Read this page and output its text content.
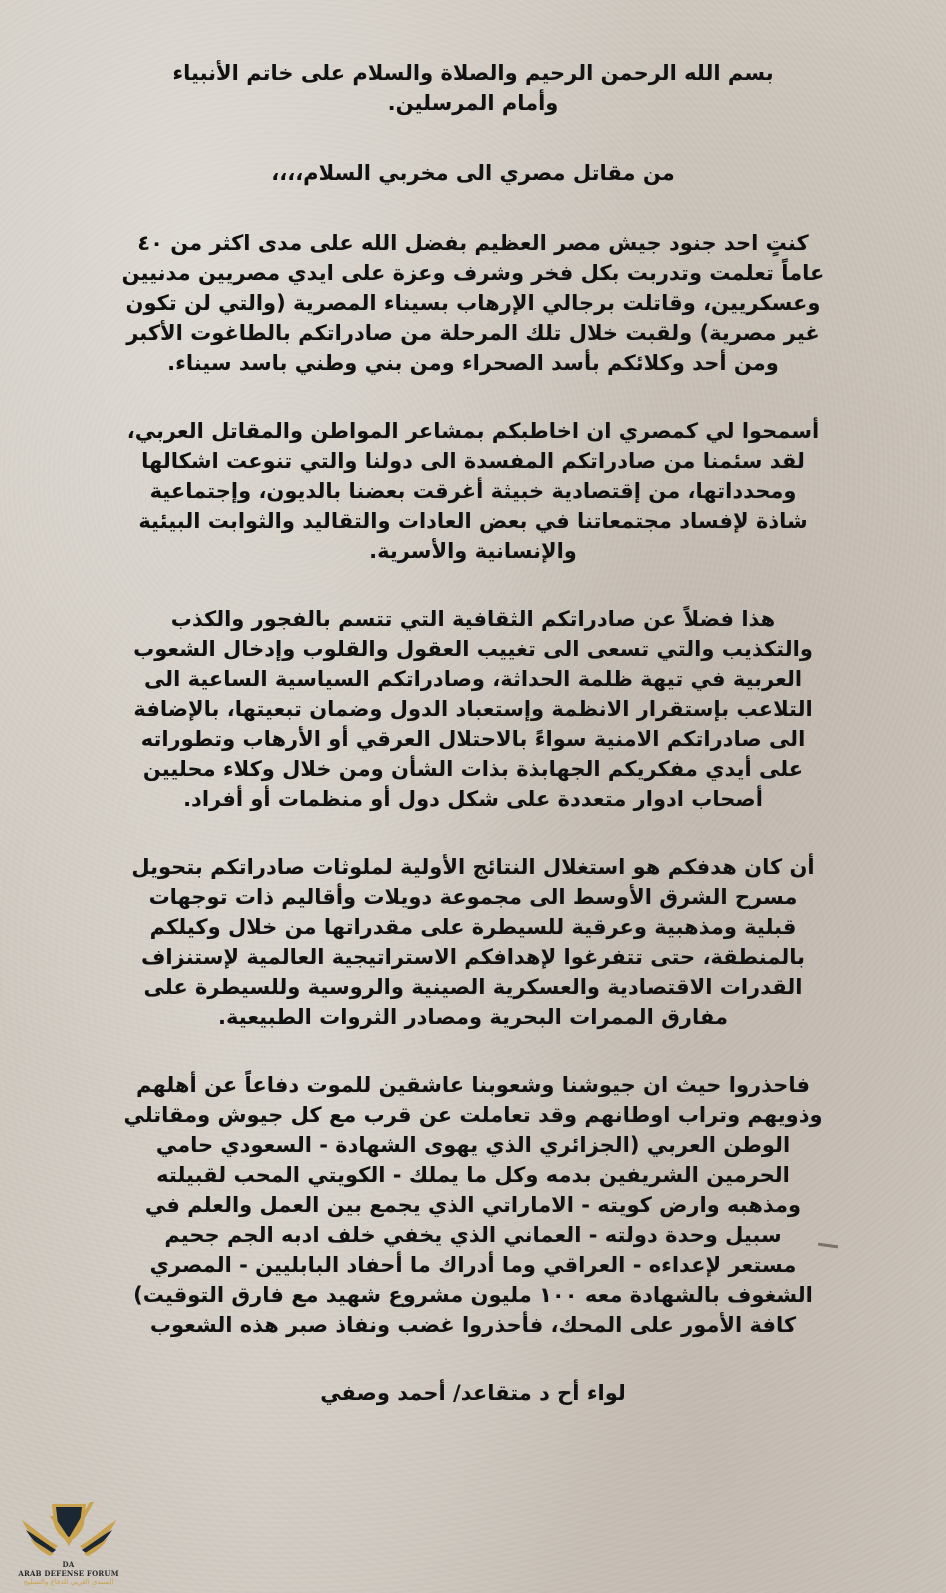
بسم الله الرحمن الرحيم والصلاة والسلام على خاتم الأنبياء
وأمام المرسلين.

من مقاتل مصري الى مخربي السلام،،،،

كنتٍ احد جنود جيش مصر العظيم بفضل الله على مدى اكثر من ٤٠
عاماً تعلمت وتدربت بكل فخر وشرف وعزة على ايدي مصريين مدنيين
وعسكريين، وقاتلت برجالي الإرهاب بسيناء المصرية (والتي لن تكون
غير مصرية) ولقبت خلال تلك المرحلة من صادراتكم بالطاغوت الأكبر
ومن أحد وكلائكم بأسد الصحراء ومن بني وطني باسد سيناء.

أسمحوا لي كمصري ان اخاطبكم بمشاعر المواطن والمقاتل العربي،
لقد سئمنا من صادراتكم المفسدة الى دولنا والتي تنوعت اشكالها
ومحدداتها، من إقتصادية خبيثة أغرقت بعضنا بالديون، وإجتماعية
شاذة لإفساد مجتمعاتنا في بعض العادات والتقاليد والثوابت البيئية
والإنسانية والأسرية.

هذا فضلاً عن صادراتكم الثقافية التي تتسم بالفجور والكذب
والتكذيب والتي تسعى الى تغييب العقول والقلوب وإدخال الشعوب
العربية في تيهة ظلمة الحداثة، وصادراتكم السياسية الساعية الى
التلاعب بإستقرار الانظمة وإستعباد الدول وضمان تبعيتها، بالإضافة
الى صادراتكم الامنية سواءً بالاحتلال العرقي أو الأرهاب وتطوراته
على أيدي مفكريكم الجهابذة بذات الشأن ومن خلال وكلاء محليين
أصحاب ادوار متعددة على شكل دول أو منظمات أو أفراد.

أن كان هدفكم هو استغلال النتائج الأولية لملوثات صادراتكم بتحويل
مسرح الشرق الأوسط الى مجموعة دويلات وأقاليم ذات توجهات
قبلية ومذهبية وعرقية للسيطرة على مقدراتها من خلال وكيلكم
بالمنطقة، حتى تتفرغوا لإهدافكم الاستراتيجية العالمية لإستنزاف
القدرات الاقتصادية والعسكرية الصينية والروسية وللسيطرة على
مفارق الممرات البحرية ومصادر الثروات الطبيعية.

فاحذروا حيث ان جيوشنا وشعوبنا عاشقين للموت دفاعاً عن أهلهم
وذويهم وتراب اوطانهم وقد تعاملت عن قرب مع كل جيوش ومقاتلي
الوطن العربي (الجزائري الذي يهوى الشهادة - السعودي حامي
الحرمين الشريفين بدمه وكل ما يملك - الكويتي المحب لقبيلته
ومذهبه وارض كويته - الاماراتي الذي يجمع بين العمل والعلم في
سبيل وحدة دولته - العماني الذي يخفي خلف ادبه الجم جحيم
مستعر لإعداءه - العراقي وما أدراك ما أحفاد البابليين - المصري
الشغوف بالشهادة معه ١٠٠ مليون مشروع شهيد مع فارق التوقيت)
كافة الأمور على المحك، فأحذروا غضب ونفاذ صبر هذه الشعوب

لواء أح د متقاعد/ أحمد وصفي

DA
ARAB DEFENSE FORUM
المنتدى العربي للدفاع والتسليح
